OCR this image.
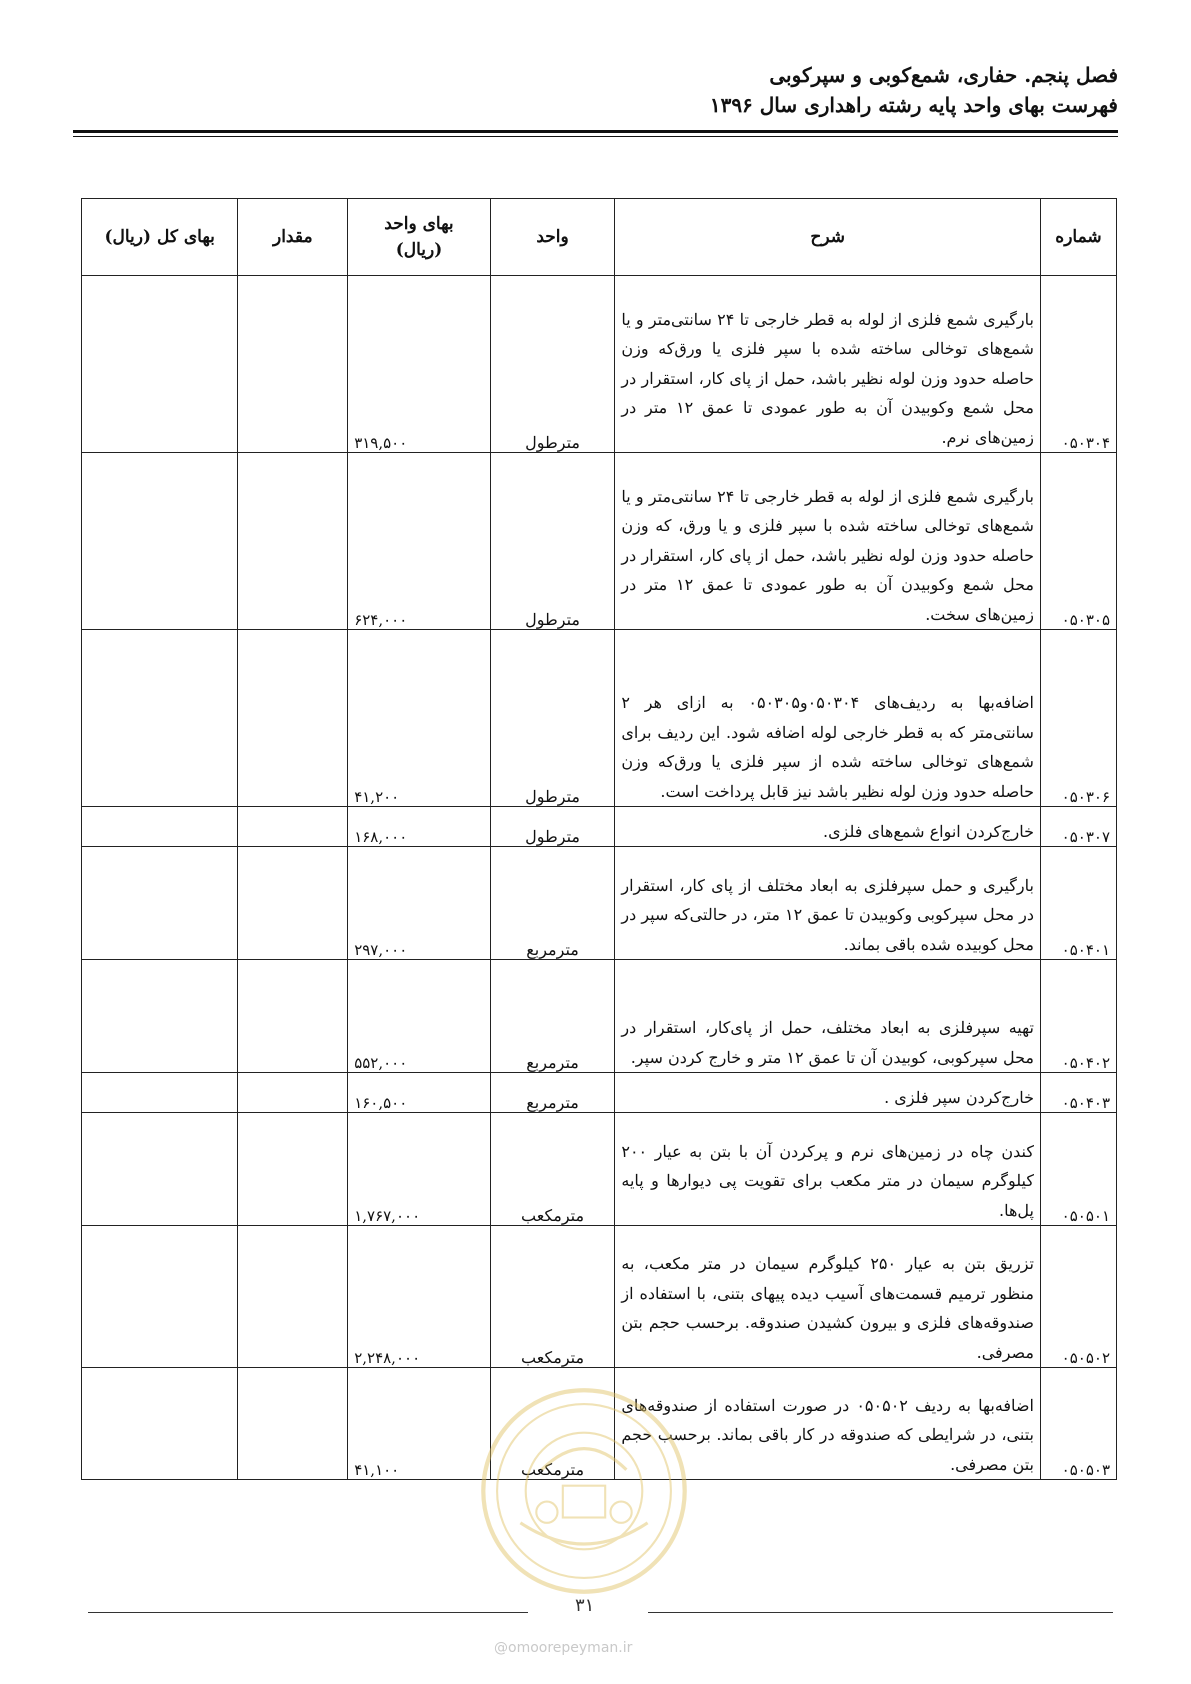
فصل پنجم. حفاری، شمع‌کوبی و سپرکوبی
فهرست بهای واحد پایه رشته راهداری سال ۱۳۹۶
شماره	شرح	واحد	بهای واحد (ریال)	مقدار	بهای کل (ریال)
۰۵۰۳۰۴	بارگیری شمع فلزی از لوله به قطر خارجی تا ۲۴ سانتی‌متر و یا شمع‌های توخالی ساخته شده با سپر فلزی یا ورق‌که وزن حاصله حدود وزن لوله نظیر باشد، حمل از پای کار، استقرار در محل شمع وکوبیدن آن به طور عمودی تا عمق ۱۲ متر در زمین‌های نرم.	مترطول	۳۱۹,۵۰۰		
۰۵۰۳۰۵	بارگیری شمع فلزی از لوله به قطر خارجی تا ۲۴ سانتی‌متر و یا شمع‌های توخالی ساخته شده با سپر فلزی و یا ورق، که وزن حاصله حدود وزن لوله نظیر باشد، حمل از پای کار، استقرار در محل شمع وکوبیدن آن به طور عمودی تا عمق ۱۲ متر در زمین‌های سخت.	مترطول	۶۲۴,۰۰۰		
۰۵۰۳۰۶	اضافه‌بها به ردیف‌های ۰۵۰۳۰۴و۰۵۰۳۰۵ به ازای هر ۲ سانتی‌متر که به قطر خارجی لوله اضافه شود. این ردیف برای شمع‌های توخالی ساخته شده از سپر فلزی یا ورق‌که وزن حاصله حدود وزن لوله نظیر باشد نیز قابل پرداخت است.	مترطول	۴۱,۲۰۰		
۰۵۰۳۰۷	خارج‌کردن انواع شمع‌های فلزی.	مترطول	۱۶۸,۰۰۰		
۰۵۰۴۰۱	بارگیری و حمل سپرفلزی به ابعاد مختلف از پای کار، استقرار در محل سپرکوبی وکوبیدن تا عمق ۱۲ متر، در حالتی‌که سپر در محل کوبیده شده باقی بماند.	مترمربع	۲۹۷,۰۰۰		
۰۵۰۴۰۲	تهیه سپرفلزی به ابعاد مختلف، حمل از پای‌کار، استقرار در محل سپرکوبی، کوبیدن آن تا عمق ۱۲ متر و خارج کردن سپر.	مترمربع	۵۵۲,۰۰۰		
۰۵۰۴۰۳	خارج‌کردن سپر فلزی .	مترمربع	۱۶۰,۵۰۰		
۰۵۰۵۰۱	کندن چاه در زمین‌های نرم و پرکردن آن با بتن به عیار ۲۰۰ کیلوگرم سیمان در متر مکعب برای تقویت پی دیوارها و پایه پل‌ها.	مترمکعب	۱,۷۶۷,۰۰۰		
۰۵۰۵۰۲	تزریق بتن به عیار ۲۵۰ کیلوگرم سیمان در متر مکعب، به منظور ترمیم قسمت‌های آسیب دیده پیهای بتنی، با استفاده از صندوقه‌های فلزی و بیرون کشیدن صندوقه. برحسب حجم بتن مصرفی.	مترمکعب	۲,۲۴۸,۰۰۰		
۰۵۰۵۰۳	اضافه‌بها به ردیف ۰۵۰۵۰۲ در صورت استفاده از صندوقه‌های بتنی، در شرایطی که صندوقه در کار باقی بماند. برحسب حجم بتن مصرفی.	مترمکعب	۴۱,۱۰۰		
۳۱
@omoorepeyman.ir
